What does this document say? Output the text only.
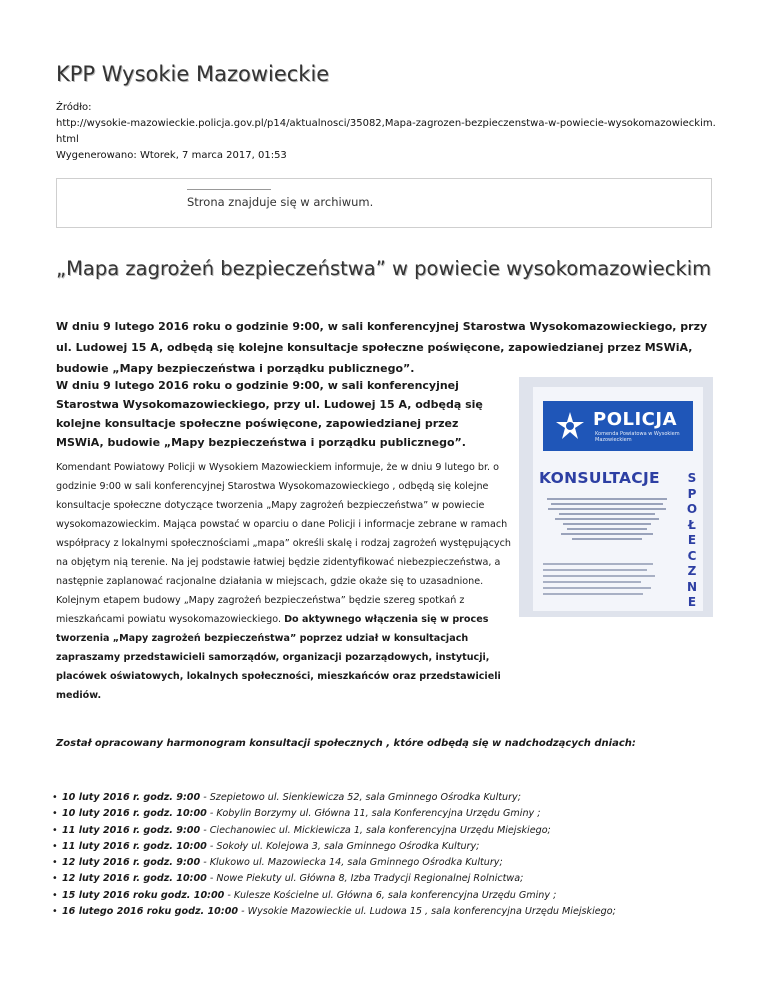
KPP Wysokie Mazowieckie
Źródło:
http://wysokie-mazowieckie.policja.gov.pl/p14/aktualnosci/35082,Mapa-zagrozen-bezpieczenstwa-w-powiecie-wysokomazowieckim.html
Wygenerowano: Wtorek, 7 marca 2017, 01:53
Strona znajduje się w archiwum.
„Mapa zagrożeń bezpieczeństwa” w powiecie wysokomazowieckim

W dniu 9 lutego 2016 roku o godzinie 9:00, w sali konferencyjnej Starostwa Wysokomazowieckiego, przy ul. Ludowej 15 A, odbędą się kolejne konsultacje społeczne poświęcone, zapowiedzianej przez MSWiA, budowie „Mapy bezpieczeństwa i porządku publicznego”.

POLICJA
Komenda Powiatowa w Wysokiem Mazowieckiem
KONSULTACJE S
P
O
Ł
E
C
Z
N
E

W dniu 9 lutego 2016 roku o godzinie 9:00, w sali konferencyjnej Starostwa Wysokomazowieckiego, przy ul. Ludowej 15 A, odbędą się kolejne konsultacje społeczne poświęcone, zapowiedzianej przez MSWiA, budowie „Mapy bezpieczeństwa i porządku publicznego”.

Komendant Powiatowy Policji w Wysokiem Mazowieckiem informuje, że w dniu 9 lutego br. o godzinie 9:00 w sali konferencyjnej Starostwa Wysokomazowieckiego , odbędą się kolejne konsultacje społeczne dotyczące tworzenia „Mapy zagrożeń bezpieczeństwa” w powiecie wysokomazowieckim. Mająca powstać w oparciu o dane Policji i informacje zebrane w ramach współpracy z lokalnymi społecznościami „mapa” określi skalę i rodzaj zagrożeń występujących na objętym nią terenie. Na jej podstawie łatwiej będzie zidentyfikować niebezpieczeństwa, a następnie zaplanować racjonalne działania w miejscach, gdzie okaże się to uzasadnione. Kolejnym etapem budowy „Mapy zagrożeń bezpieczeństwa” będzie szereg spotkań z mieszkańcami powiatu wysokomazowieckiego. Do aktywnego włączenia się w proces tworzenia „Mapy zagrożeń bezpieczeństwa” poprzez udział w konsultacjach zapraszamy przedstawicieli samorządów, organizacji pozarządowych, instytucji, placówek oświatowych, lokalnych społeczności, mieszkańców oraz przedstawicieli mediów.

Został opracowany harmonogram konsultacji społecznych , które odbędą się w nadchodzących dniach:

• 10 luty 2016 r. godz. 9:00 - Szepietowo ul. Sienkiewicza 52, sala Gminnego Ośrodka Kultury;
• 10 luty 2016 r. godz. 10:00 - Kobylin Borzymy ul. Główna 11, sala Konferencyjna Urzędu Gminy ;
• 11 luty 2016 r. godz. 9:00 - Ciechanowiec ul. Mickiewicza 1, sala konferencyjna Urzędu Miejskiego;
• 11 luty 2016 r. godz. 10:00 - Sokoły ul. Kolejowa 3, sala Gminnego Ośrodka Kultury;
• 12 luty 2016 r. godz. 9:00 - Klukowo ul. Mazowiecka 14, sala Gminnego Ośrodka Kultury;
• 12 luty 2016 r. godz. 10:00 - Nowe Piekuty ul. Główna 8, Izba Tradycji Regionalnej Rolnictwa;
• 15 luty 2016 roku godz. 10:00 - Kulesze Kościelne ul. Główna 6, sala konferencyjna Urzędu Gminy ;
• 16 lutego 2016 roku godz. 10:00 - Wysokie Mazowieckie ul. Ludowa 15 , sala konferencyjna Urzędu Miejskiego;
